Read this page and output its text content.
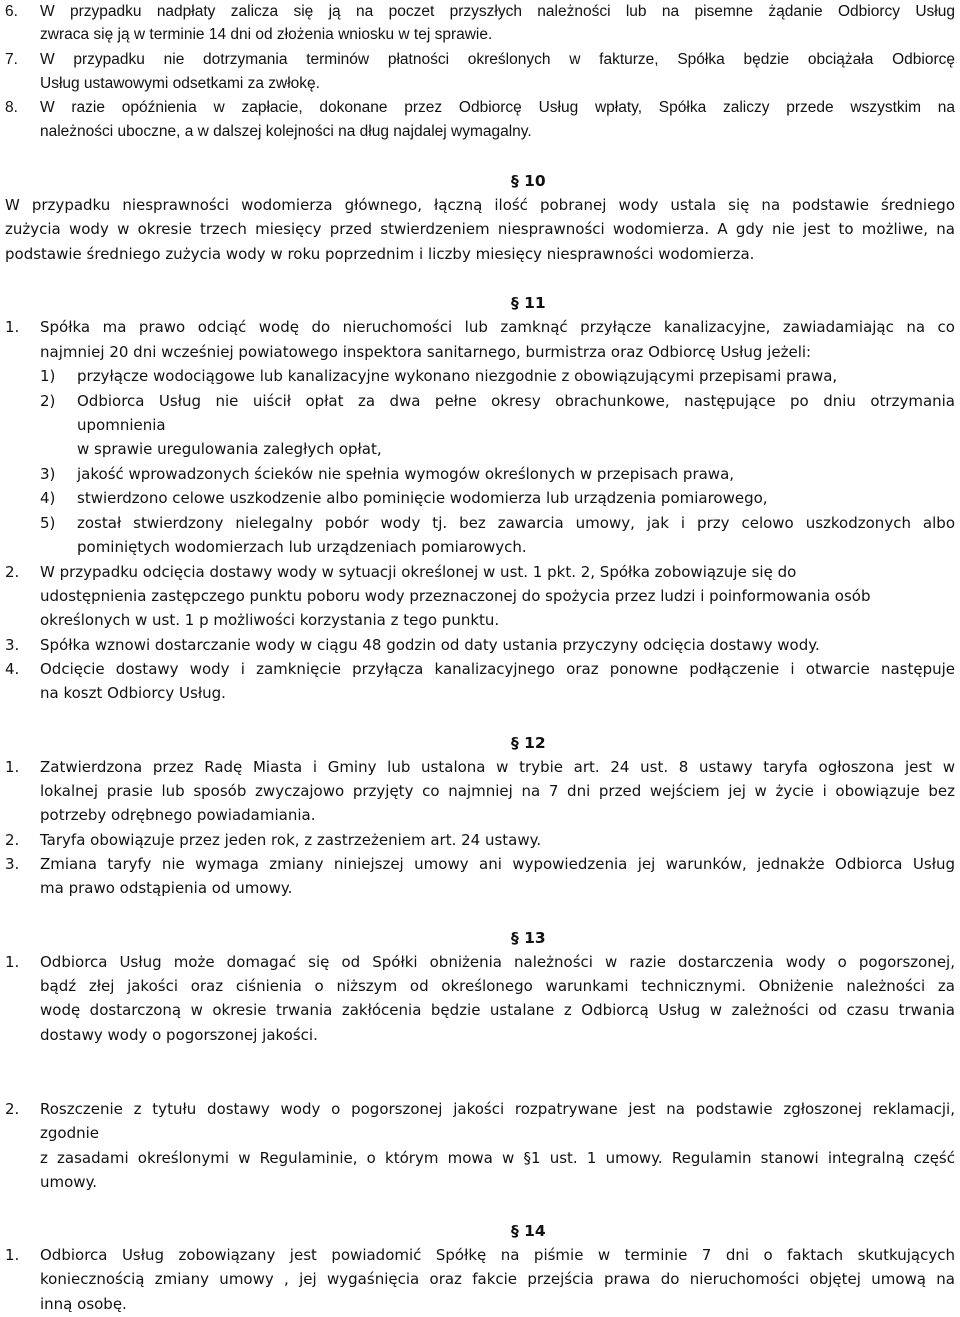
6. W przypadku nadpłaty zalicza się ją na poczet przyszłych należności lub na pisemne żądanie Odbiorcy Usług
zwraca się ją w terminie 14 dni od złożenia wniosku w tej sprawie.
7. W przypadku nie dotrzymania terminów płatności określonych w fakturze, Spółka będzie obciążała Odbiorcę
Usług ustawowymi odsetkami za zwłokę.
8. W razie opóźnienia w zapłacie, dokonane przez Odbiorcę Usług wpłaty, Spółka zaliczy przede wszystkim na
należności uboczne, a w dalszej kolejności na dług najdalej wymagalny.
§ 10
W przypadku niesprawności wodomierza głównego, łączną ilość pobranej wody ustala się na podstawie średniego
zużycia wody w okresie trzech miesięcy przed stwierdzeniem niesprawności wodomierza. A gdy nie jest to możliwe, na
podstawie średniego zużycia wody w roku poprzednim i liczby miesięcy niesprawności wodomierza.
§ 11
1. Spółka ma prawo odciąć wodę do nieruchomości lub zamknąć przyłącze kanalizacyjne, zawiadamiając na co
najmniej 20 dni wcześniej powiatowego inspektora sanitarnego, burmistrza oraz Odbiorcę Usług jeżeli:
1) przyłącze wodociągowe lub kanalizacyjne wykonano niezgodnie z obowiązującymi przepisami prawa,
2) Odbiorca Usług nie uiścił opłat za dwa pełne okresy obrachunkowe, następujące po dniu otrzymania
upomnienia
w sprawie uregulowania zaległych opłat,
3) jakość wprowadzonych ścieków nie spełnia wymogów określonych w przepisach prawa,
4) stwierdzono celowe uszkodzenie albo pominięcie wodomierza lub urządzenia pomiarowego,
5) został stwierdzony nielegalny pobór wody tj. bez zawarcia umowy, jak i przy celowo uszkodzonych albo
pominiętych wodomierzach lub urządzeniach pomiarowych.
2. W przypadku odcięcia dostawy wody w sytuacji określonej w ust. 1 pkt. 2, Spółka zobowiązuje się do
udostępnienia zastępczego punktu poboru wody przeznaczonej do spożycia przez ludzi i poinformowania osób
określonych w ust. 1 p możliwości korzystania z tego punktu.
3. Spółka wznowi dostarczanie wody w ciągu 48 godzin od daty ustania przyczyny odcięcia dostawy wody.
4. Odcięcie dostawy wody i zamknięcie przyłącza kanalizacyjnego oraz ponowne podłączenie i otwarcie następuje
na koszt Odbiorcy Usług.
§ 12
1. Zatwierdzona przez Radę Miasta i Gminy lub ustalona w trybie art. 24 ust. 8 ustawy taryfa ogłoszona jest w
lokalnej prasie lub sposób zwyczajowo przyjęty co najmniej na 7 dni przed wejściem jej w życie i obowiązuje bez
potrzeby odrębnego powiadamiania.
2. Taryfa obowiązuje przez jeden rok, z zastrzeżeniem art. 24 ustawy.
3. Zmiana taryfy nie wymaga zmiany niniejszej umowy ani wypowiedzenia jej warunków, jednakże Odbiorca Usług
ma prawo odstąpienia od umowy.
§ 13
1. Odbiorca Usług może domagać się od Spółki obniżenia należności w razie dostarczenia wody o pogorszonej,
bądź złej jakości oraz ciśnienia o niższym od określonego warunkami technicznymi. Obniżenie należności za
wodę dostarczoną w okresie trwania zakłócenia będzie ustalane z Odbiorcą Usług w zależności od czasu trwania
dostawy wody o pogorszonej jakości.
2. Roszczenie z tytułu dostawy wody o pogorszonej jakości rozpatrywane jest na podstawie zgłoszonej reklamacji,
zgodnie
z zasadami określonymi w Regulaminie, o którym mowa w §1 ust. 1 umowy. Regulamin stanowi integralną część
umowy.
§ 14
1. Odbiorca Usług zobowiązany jest powiadomić Spółkę na piśmie w terminie 7 dni o faktach skutkujących
koniecznością zmiany umowy , jej wygaśnięcia oraz fakcie przejścia prawa do nieruchomości objętej umową na
inną osobę.
